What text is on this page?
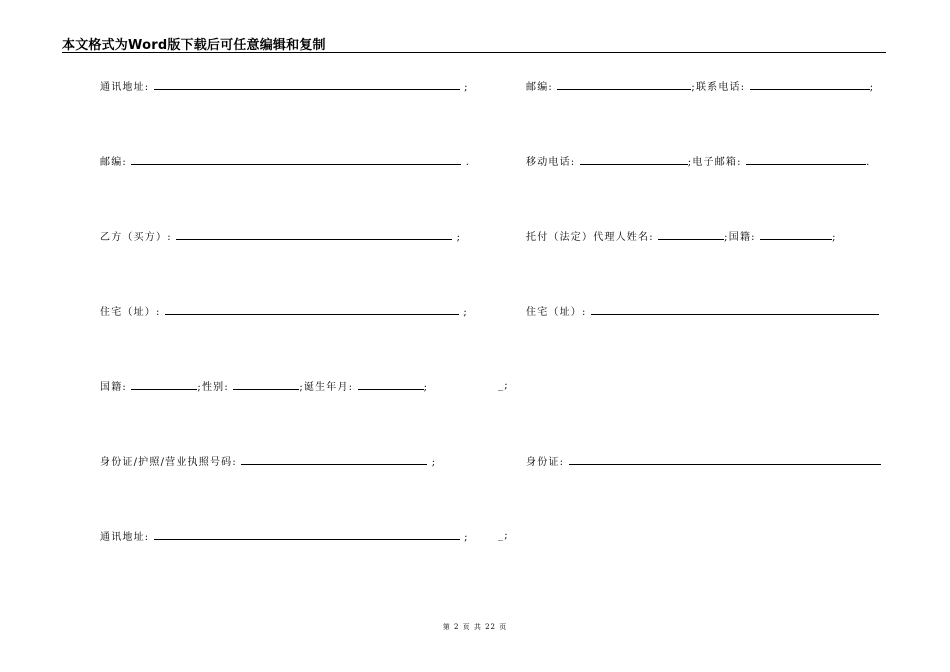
本文格式为Word版下载后可任意编辑和复制
通讯地址:	;
邮编:	.
乙方（买方）:	;
住宅（址）:	;
国籍:	;性别:	;诞生年月:	;	_;
身份证/护照/营业执照号码:	;
通讯地址:	;	_;
邮编:	;联系电话:	;
移动电话:	;电子邮箱:	.
托付（法定）代理人姓名:	;国籍:	;
住宅（址）:
身份证:
第 2 页 共 22 页
